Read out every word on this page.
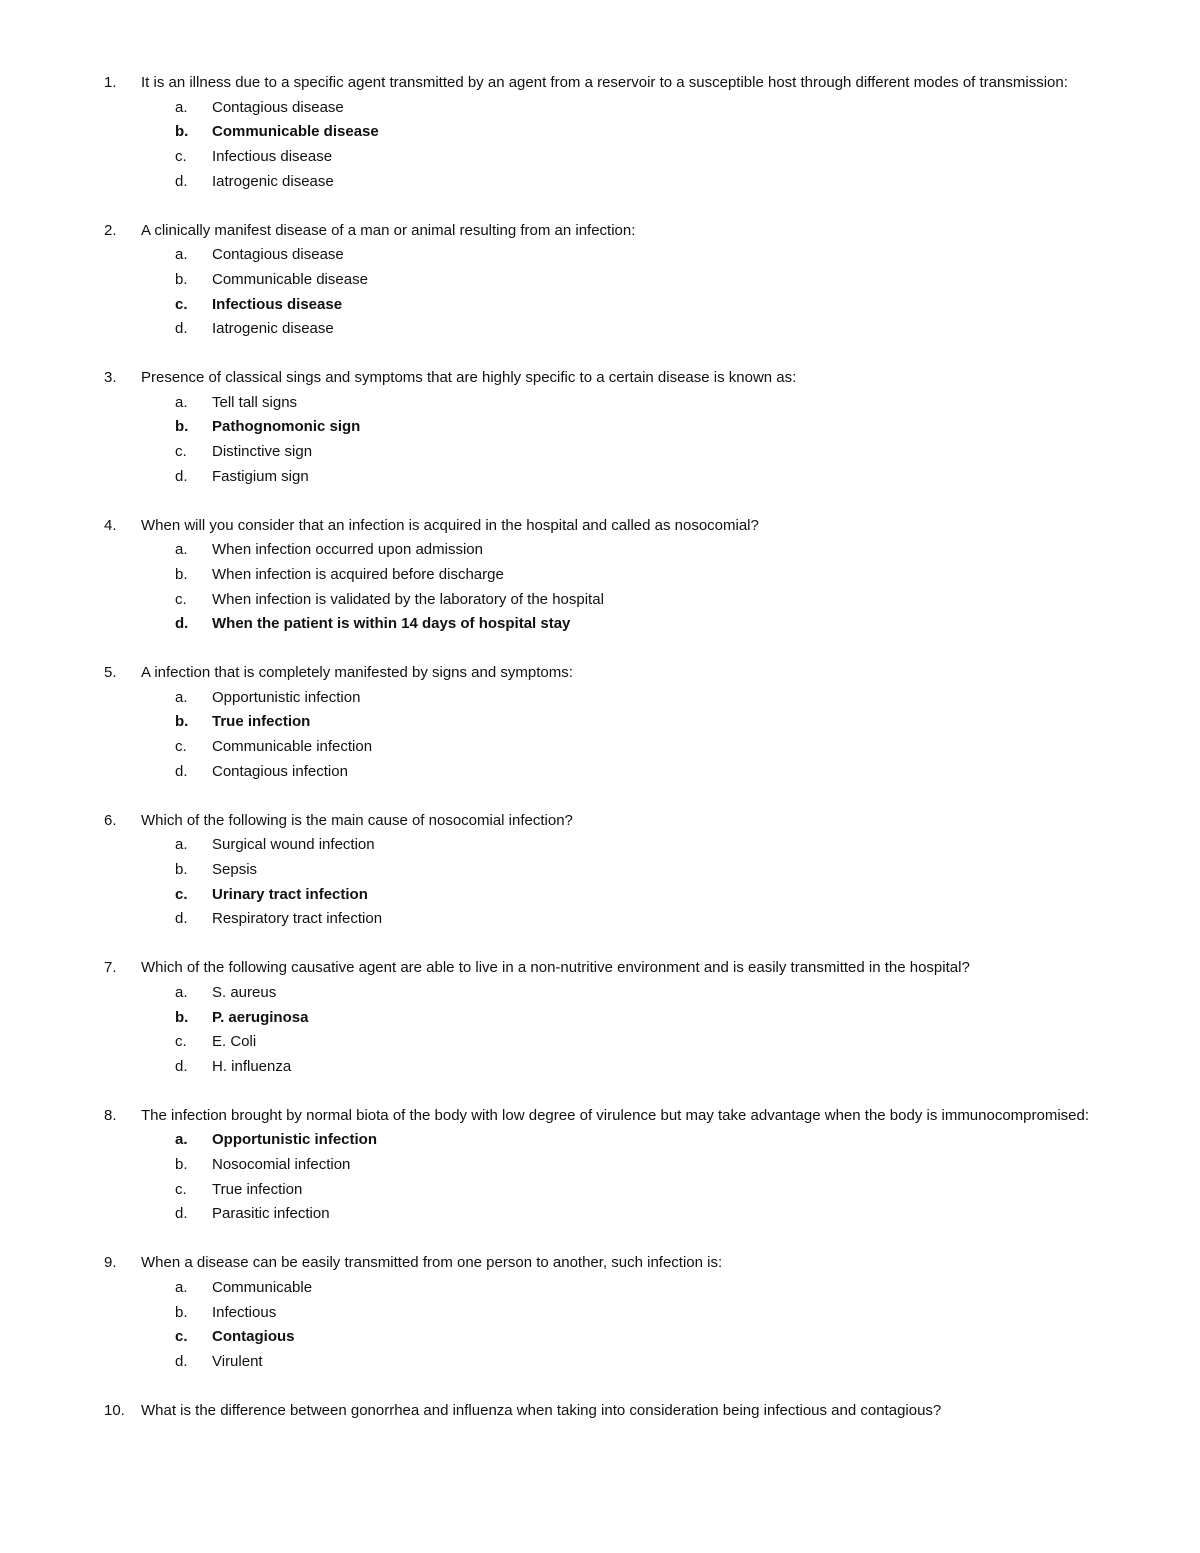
1.	It is an illness due to a specific agent transmitted by an agent from a reservoir to a susceptible host through different modes of transmission:
a.	Contagious disease
b.	Communicable disease
c.	Infectious disease
d.	Iatrogenic disease
2.	A clinically manifest disease of a man or animal resulting from an infection:
a.	Contagious disease
b.	Communicable disease
c.	Infectious disease
d.	Iatrogenic disease
3.	Presence of classical sings and symptoms that are highly specific to a certain disease is known as:
a.	Tell tall signs
b.	Pathognomonic sign
c.	Distinctive sign
d.	Fastigium sign
4.	When will you consider that an infection is acquired in the hospital and called as nosocomial?
a.	When infection occurred upon admission
b.	When infection is acquired before discharge
c.	When infection is validated by the laboratory of the hospital
d.	When the patient is within 14 days of hospital stay
5.	A infection that is completely manifested by signs and symptoms:
a.	Opportunistic infection
b.	True infection
c.	Communicable infection
d.	Contagious infection
6.	Which of the following is the main cause of nosocomial infection?
a.	Surgical wound infection
b.	Sepsis
c.	Urinary tract infection
d.	Respiratory tract infection
7.	Which of the following causative agent are able to live in a non-nutritive environment and is easily transmitted in the hospital?
a.	S. aureus
b.	P. aeruginosa
c.	E. Coli
d.	H. influenza
8.	The infection brought by normal biota of the body with low degree of virulence but may take advantage when the body is immunocompromised:
a.	Opportunistic infection
b.	Nosocomial infection
c.	True infection
d.	Parasitic infection
9.	When a disease can be easily transmitted from one person to another, such infection is:
a.	Communicable
b.	Infectious
c.	Contagious
d.	Virulent
10.	What is the difference between gonorrhea and influenza when taking into consideration being infectious and contagious?
